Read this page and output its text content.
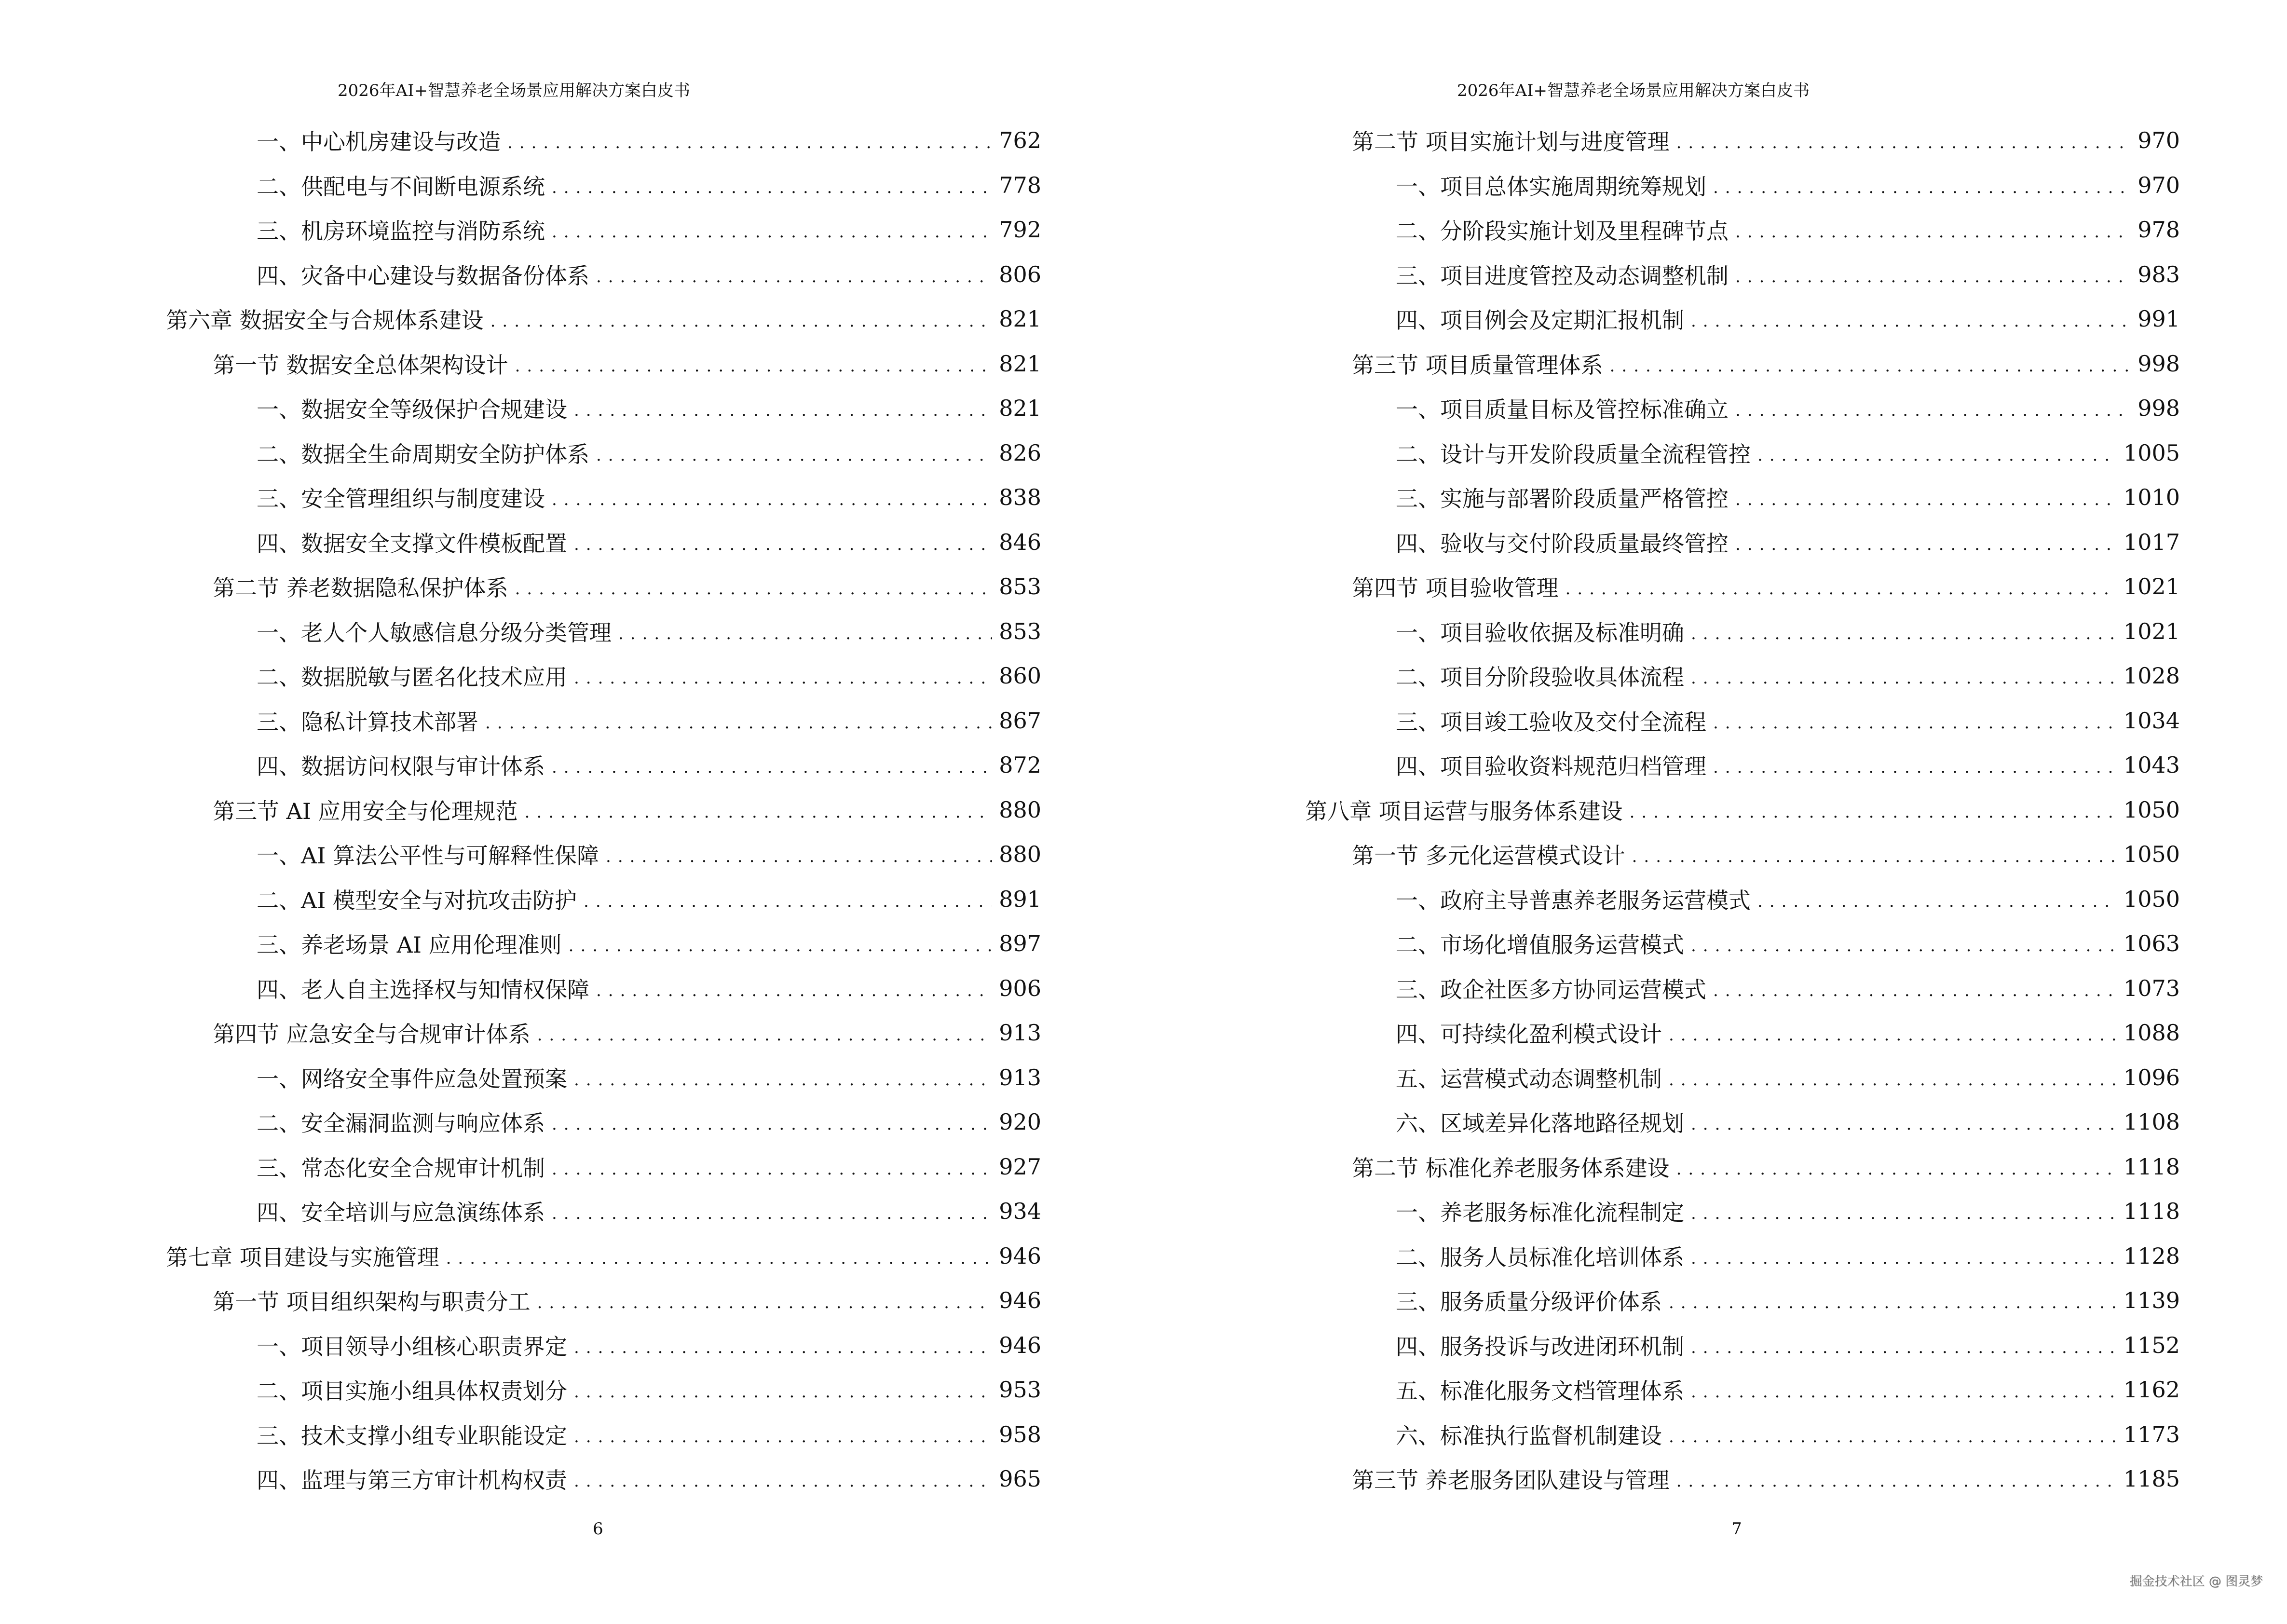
2026年AI+智慧养老全场景应用解决方案白皮书
一、中心机房建设与改造 .....	762
二、供配电与不间断电源系统 .....	778
三、机房环境监控与消防系统 .....	792
四、灾备中心建设与数据备份体系 .....	806
第六章 数据安全与合规体系建设 .....	821
第一节 数据安全总体架构设计 .....	821
一、数据安全等级保护合规建设 .....	821
二、数据全生命周期安全防护体系 .....	826
三、安全管理组织与制度建设 .....	838
四、数据安全支撑文件模板配置 .....	846
第二节 养老数据隐私保护体系 .....	853
一、老人个人敏感信息分级分类管理 .....	853
二、数据脱敏与匿名化技术应用 .....	860
三、隐私计算技术部署 .....	867
四、数据访问权限与审计体系 .....	872
第三节 AI 应用安全与伦理规范 .....	880
一、AI 算法公平性与可解释性保障 .....	880
二、AI 模型安全与对抗攻击防护 .....	891
三、养老场景 AI 应用伦理准则 .....	897
四、老人自主选择权与知情权保障 .....	906
第四节 应急安全与合规审计体系 .....	913
一、网络安全事件应急处置预案 .....	913
二、安全漏洞监测与响应体系 .....	920
三、常态化安全合规审计机制 .....	927
四、安全培训与应急演练体系 .....	934
第七章 项目建设与实施管理 .....	946
第一节 项目组织架构与职责分工 .....	946
一、项目领导小组核心职责界定 .....	946
二、项目实施小组具体权责划分 .....	953
三、技术支撑小组专业职能设定 .....	958
四、监理与第三方审计机构权责 .....	965
6
2026年AI+智慧养老全场景应用解决方案白皮书
第二节 项目实施计划与进度管理 .....	970
一、项目总体实施周期统筹规划 .....	970
二、分阶段实施计划及里程碑节点 .....	978
三、项目进度管控及动态调整机制 .....	983
四、项目例会及定期汇报机制 .....	991
第三节 项目质量管理体系 .....	998
一、项目质量目标及管控标准确立 .....	998
二、设计与开发阶段质量全流程管控 .....	1005
三、实施与部署阶段质量严格管控 .....	1010
四、验收与交付阶段质量最终管控 .....	1017
第四节 项目验收管理 .....	1021
一、项目验收依据及标准明确 .....	1021
二、项目分阶段验收具体流程 .....	1028
三、项目竣工验收及交付全流程 .....	1034
四、项目验收资料规范归档管理 .....	1043
第八章 项目运营与服务体系建设 .....	1050
第一节 多元化运营模式设计 .....	1050
一、政府主导普惠养老服务运营模式 .....	1050
二、市场化增值服务运营模式 .....	1063
三、政企社医多方协同运营模式 .....	1073
四、可持续化盈利模式设计 .....	1088
五、运营模式动态调整机制 .....	1096
六、区域差异化落地路径规划 .....	1108
第二节 标准化养老服务体系建设 .....	1118
一、养老服务标准化流程制定 .....	1118
二、服务人员标准化培训体系 .....	1128
三、服务质量分级评价体系 .....	1139
四、服务投诉与改进闭环机制 .....	1152
五、标准化服务文档管理体系 .....	1162
六、标准执行监督机制建设 .....	1173
第三节 养老服务团队建设与管理 .....	1185
7
掘金技术社区 @ 图灵梦
